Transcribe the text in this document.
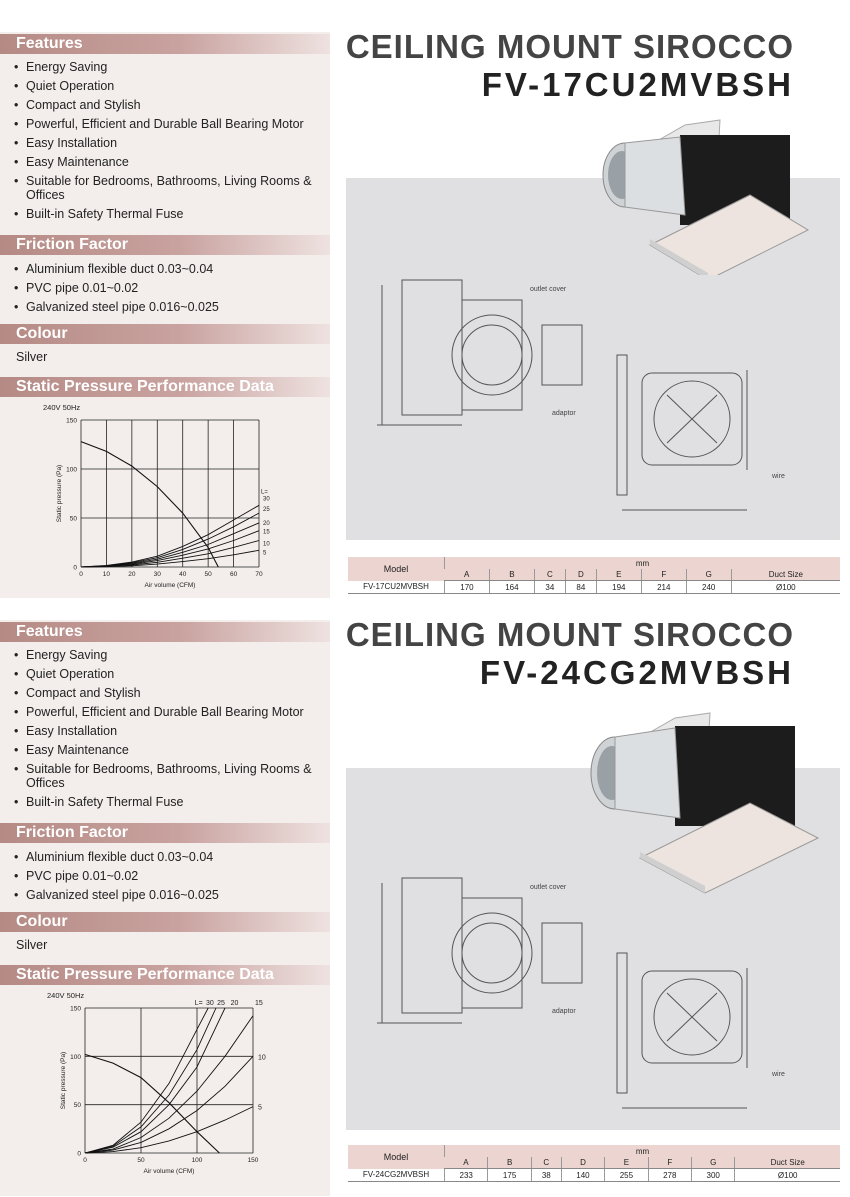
Features
• Energy Saving
• Quiet Operation
• Compact and Stylish
• Powerful, Efficient and Durable Ball Bearing Motor
• Easy Installation
• Easy Maintenance
• Suitable for Bedrooms, Bathrooms, Living Rooms & Offices
• Built-in Safety Thermal Fuse
Friction Factor
• Aluminium flexible duct 0.03~0.04
• PVC pipe 0.01~0.02
• Galvanized steel pipe 0.016~0.025
Colour
Silver
Static Pressure Performance Data
240V 50Hz
0	10	20	30	40	50	60	70
0
50
100
150
Air volume (CFM)
Static pressure (Pa)	L=
30
25
20
15
10
5
CEILING MOUNT SIROCCO
FV-17CU2MVBSH
outlet cover
adaptor
wire
Model	mm							
	A	B	C	D	E	F	G	Duct Size
FV-17CU2MVBSH	170	164	34	84	194	214	240	Ø100
Features
• Energy Saving
• Quiet Operation
• Compact and Stylish
• Powerful, Efficient and Durable Ball Bearing Motor
• Easy Installation
• Easy Maintenance
• Suitable for Bedrooms, Bathrooms, Living Rooms & Offices
• Built-in Safety Thermal Fuse
Friction Factor
• Aluminium flexible duct 0.03~0.04
• PVC pipe 0.01~0.02
• Galvanized steel pipe 0.016~0.025
Colour
Silver
Static Pressure Performance Data
240V 50Hz
0	50	100	150
0
50
100
150
Air volume (CFM)
Static pressure (Pa)
L= 30 25 20 15
10
5
CEILING MOUNT SIROCCO
FV-24CG2MVBSH
outlet cover
adaptor
wire
Model	mm							
	A	B	C	D	E	F	G	Duct Size
FV-24CG2MVBSH	233	175	38	140	255	278	300	Ø100
